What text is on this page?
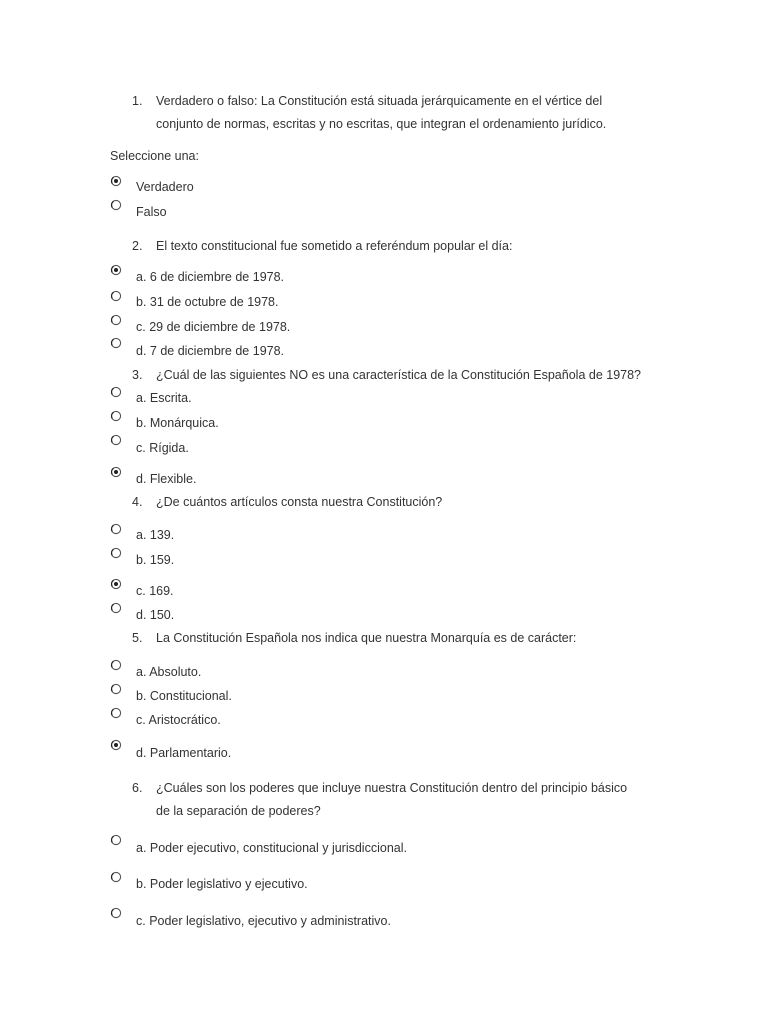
1. Verdadero o falso: La Constitución está situada jerárquicamente en el vértice del
conjunto de normas, escritas y no escritas, que integran el ordenamiento jurídico.
Seleccione una:
Verdadero
Falso
2. El texto constitucional fue sometido a referéndum popular el día:
a. 6 de diciembre de 1978.
b. 31 de octubre de 1978.
c. 29 de diciembre de 1978.
d. 7 de diciembre de 1978.
3. ¿Cuál de las siguientes NO es una característica de la Constitución Española de 1978?
a. Escrita.
b. Monárquica.
c. Rígida.
d. Flexible.
4. ¿De cuántos artículos consta nuestra Constitución?
a. 139.
b. 159.
c. 169.
d. 150.
5. La Constitución Española nos indica que nuestra Monarquía es de carácter:
a. Absoluto.
b. Constitucional.
c. Aristocrático.
d. Parlamentario.
6. ¿Cuáles son los poderes que incluye nuestra Constitución dentro del principio básico
de la separación de poderes?
a. Poder ejecutivo, constitucional y jurisdiccional.
b. Poder legislativo y ejecutivo.
c. Poder legislativo, ejecutivo y administrativo.
